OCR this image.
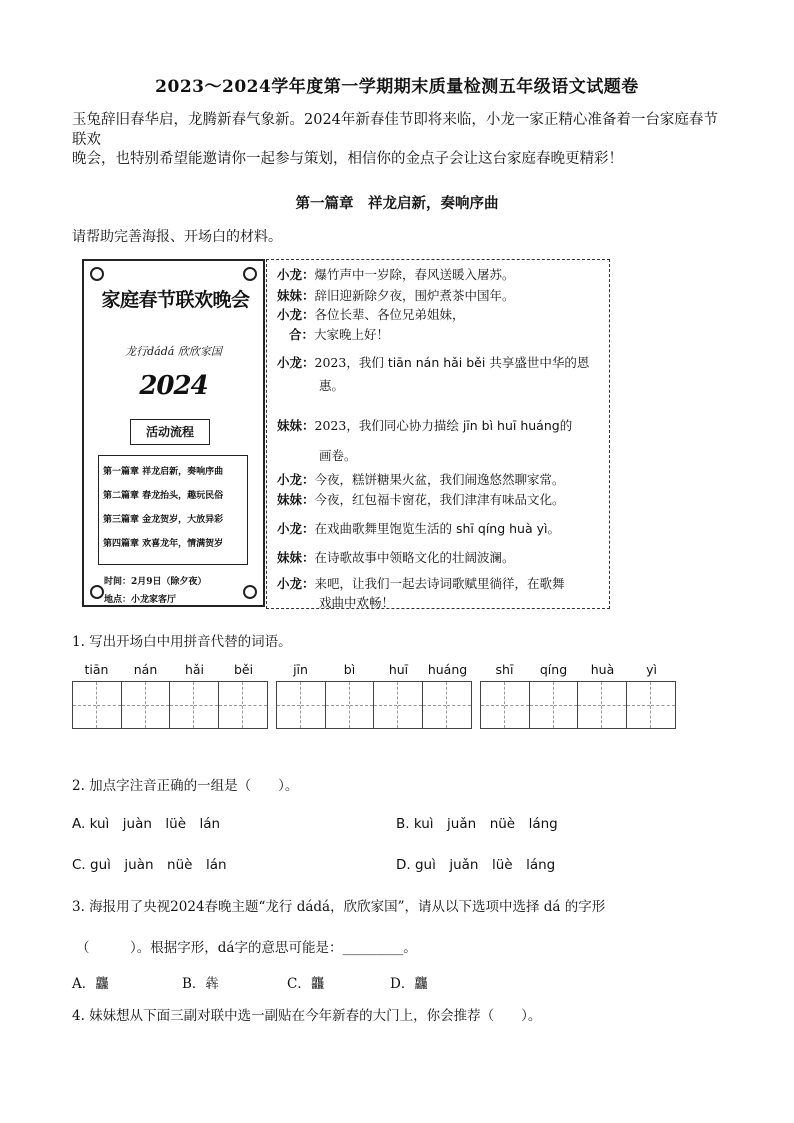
2023～2024学年度第一学期期末质量检测五年级语文试题卷
玉兔辞旧春华启，龙腾新春气象新。2024年新春佳节即将来临，小龙一家正精心准备着一台家庭春节联欢
晚会，也特别希望能邀请你一起参与策划，相信你的金点子会让这台家庭春晚更精彩！
第一篇章　祥龙启新，奏响序曲
请帮助完善海报、开场白的材料。
家庭春节联欢晚会
龙行dádá 欣欣家国
2024
活动流程
第一篇章 祥龙启新，奏响序曲
第二篇章 春龙抬头，趣玩民俗
第三篇章 金龙贺岁，大放异彩
第四篇章 欢喜龙年，情满贺岁
时间：2月9日（除夕夜）
地点：小龙家客厅
小龙：爆竹声中一岁除，春风送暖入屠苏。
妹妹：辞旧迎新除夕夜，围炉煮茶中国年。
小龙：各位长辈、各位兄弟姐妹，
合：大家晚上好！
小龙：2023，我们 tiān nán hǎi běi 共享盛世中华的恩
惠。
妹妹：2023，我们同心协力描绘 jīn bì huī huáng的
画卷。
小龙：今夜，糕饼糖果火盆，我们闹逸悠然聊家常。
妹妹：今夜，红包福卡窗花，我们津津有味品文化。
小龙：在戏曲歌舞里饱览生活的 shī qíng huà yì。
妹妹：在诗歌故事中领略文化的壮阔波澜。
小龙：来吧，让我们一起去诗词歌赋里徜徉，在歌舞
戏曲中欢畅！
1. 写出开场白中用拼音代替的词语。
tiān	nán	hǎi	běi	jīn	bì	huī	huáng	shī	qíng	huà	yì
2. 加点字注音正确的一组是（　　）。
A. kuì　juàn　lüè　lán	B. kuì　juǎn　nüè　láng
C. guì　juàn　nüè　lán	D. guì　juǎn　lüè　láng
3. 海报用了央视2024春晚主题“龙行 dádá，欣欣家国”，请从以下选项中选择 dá 的字形
（　　　）。根据字形，dá字的意思可能是：_________。
A．龘	B．犇	C．龘	D．龘
4. 妹妹想从下面三副对联中选一副贴在今年新春的大门上，你会推荐（　　）。
